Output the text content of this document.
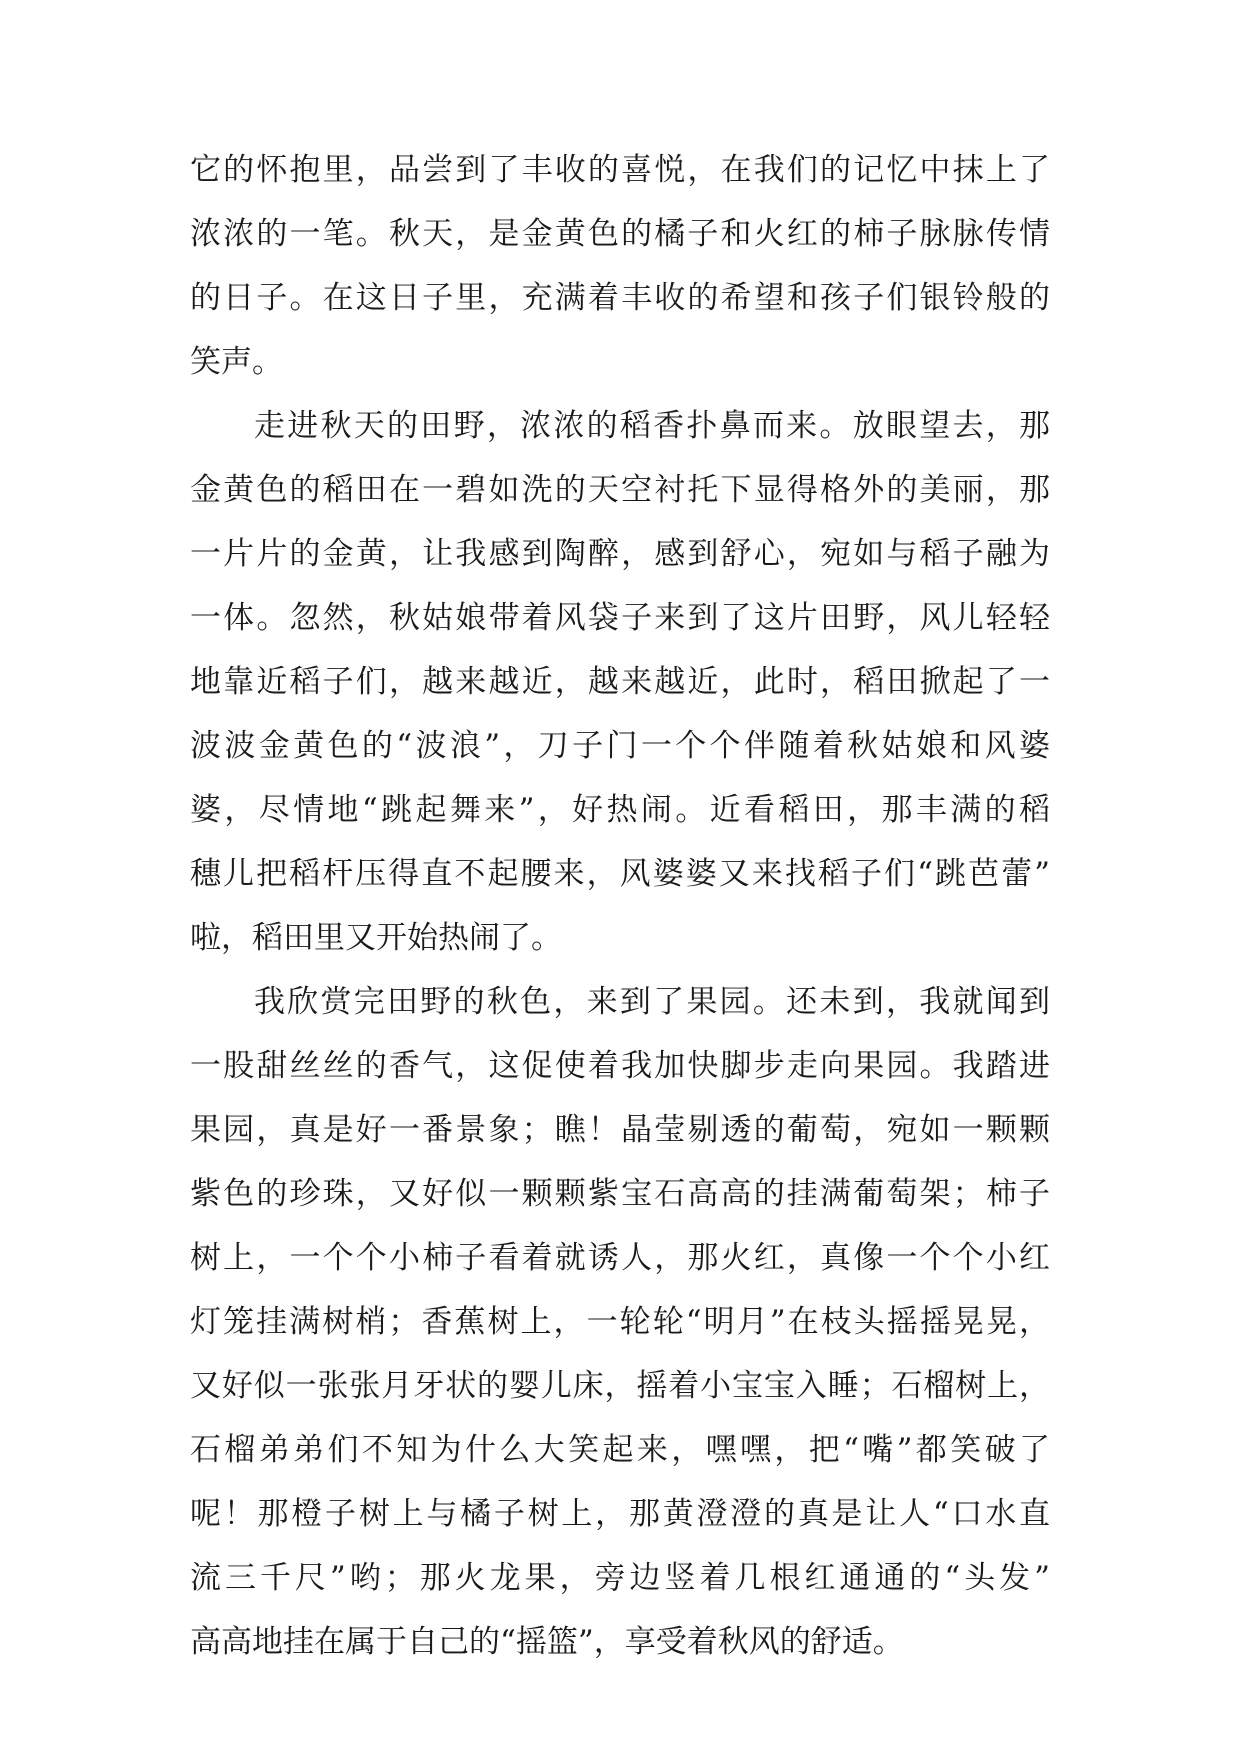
它的怀抱里，品尝到了丰收的喜悦，在我们的记忆中抹上了
浓浓的一笔。秋天，是金黄色的橘子和火红的柿子脉脉传情
的日子。在这日子里，充满着丰收的希望和孩子们银铃般的
笑声。
走进秋天的田野，浓浓的稻香扑鼻而来。放眼望去，那
金黄色的稻田在一碧如洗的天空衬托下显得格外的美丽，那
一片片的金黄，让我感到陶醉，感到舒心，宛如与稻子融为
一体。忽然，秋姑娘带着风袋子来到了这片田野，风儿轻轻
地靠近稻子们，越来越近，越来越近，此时，稻田掀起了一
波波金黄色的“波浪”，刀子门一个个伴随着秋姑娘和风婆
婆，尽情地“跳起舞来”，好热闹。近看稻田，那丰满的稻
穗儿把稻杆压得直不起腰来，风婆婆又来找稻子们“跳芭蕾”
啦，稻田里又开始热闹了。
我欣赏完田野的秋色，来到了果园。还未到，我就闻到
一股甜丝丝的香气，这促使着我加快脚步走向果园。我踏进
果园，真是好一番景象；瞧！晶莹剔透的葡萄，宛如一颗颗
紫色的珍珠，又好似一颗颗紫宝石高高的挂满葡萄架；柿子
树上，一个个小柿子看着就诱人，那火红，真像一个个小红
灯笼挂满树梢；香蕉树上，一轮轮“明月”在枝头摇摇晃晃，
又好似一张张月牙状的婴儿床，摇着小宝宝入睡；石榴树上，
石榴弟弟们不知为什么大笑起来，嘿嘿，把“嘴”都笑破了
呢！那橙子树上与橘子树上，那黄澄澄的真是让人“口水直
流三千尺”哟；那火龙果，旁边竖着几根红通通的“头发”
高高地挂在属于自己的“摇篮”，享受着秋风的舒适。
